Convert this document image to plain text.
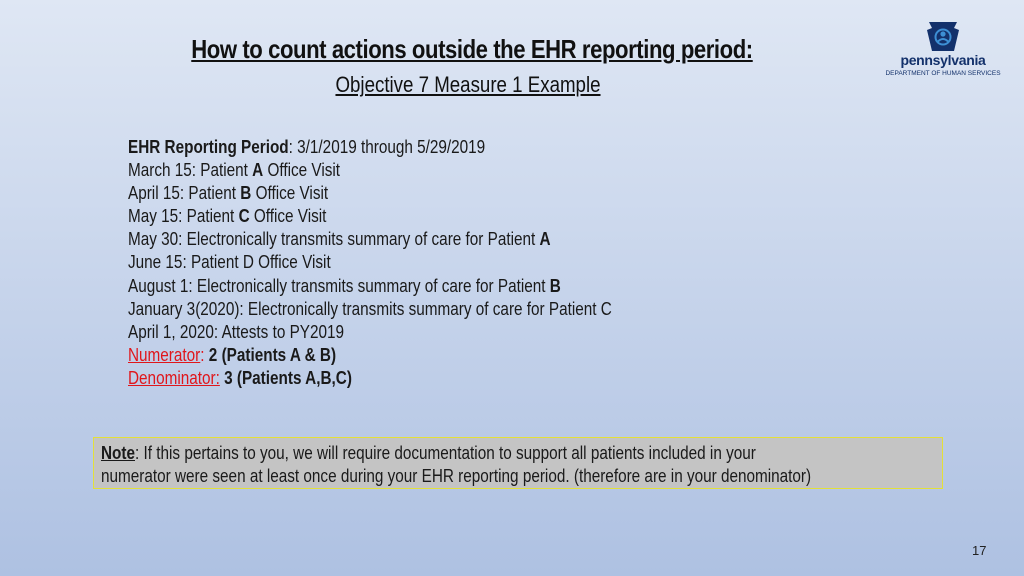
How to count actions outside the EHR reporting period:
Objective 7 Measure 1 Example
pennsylvania
DEPARTMENT OF HUMAN SERVICES
EHR Reporting Period: 3/1/2019 through 5/29/2019
March 15: Patient A Office Visit
April 15: Patient B Office Visit
May 15: Patient C Office Visit
May 30: Electronically transmits summary of care for Patient A
June 15: Patient D Office Visit
August 1: Electronically transmits summary of care for Patient B
January 3(2020): Electronically transmits summary of care for Patient C
April 1, 2020: Attests to PY2019
Numerator: 2 (Patients A & B)
Denominator: 3 (Patients A,B,C)
Note: If this pertains to you, we will require documentation to support all patients included in your
numerator were seen at least once during your EHR reporting period. (therefore are in your denominator)
17
